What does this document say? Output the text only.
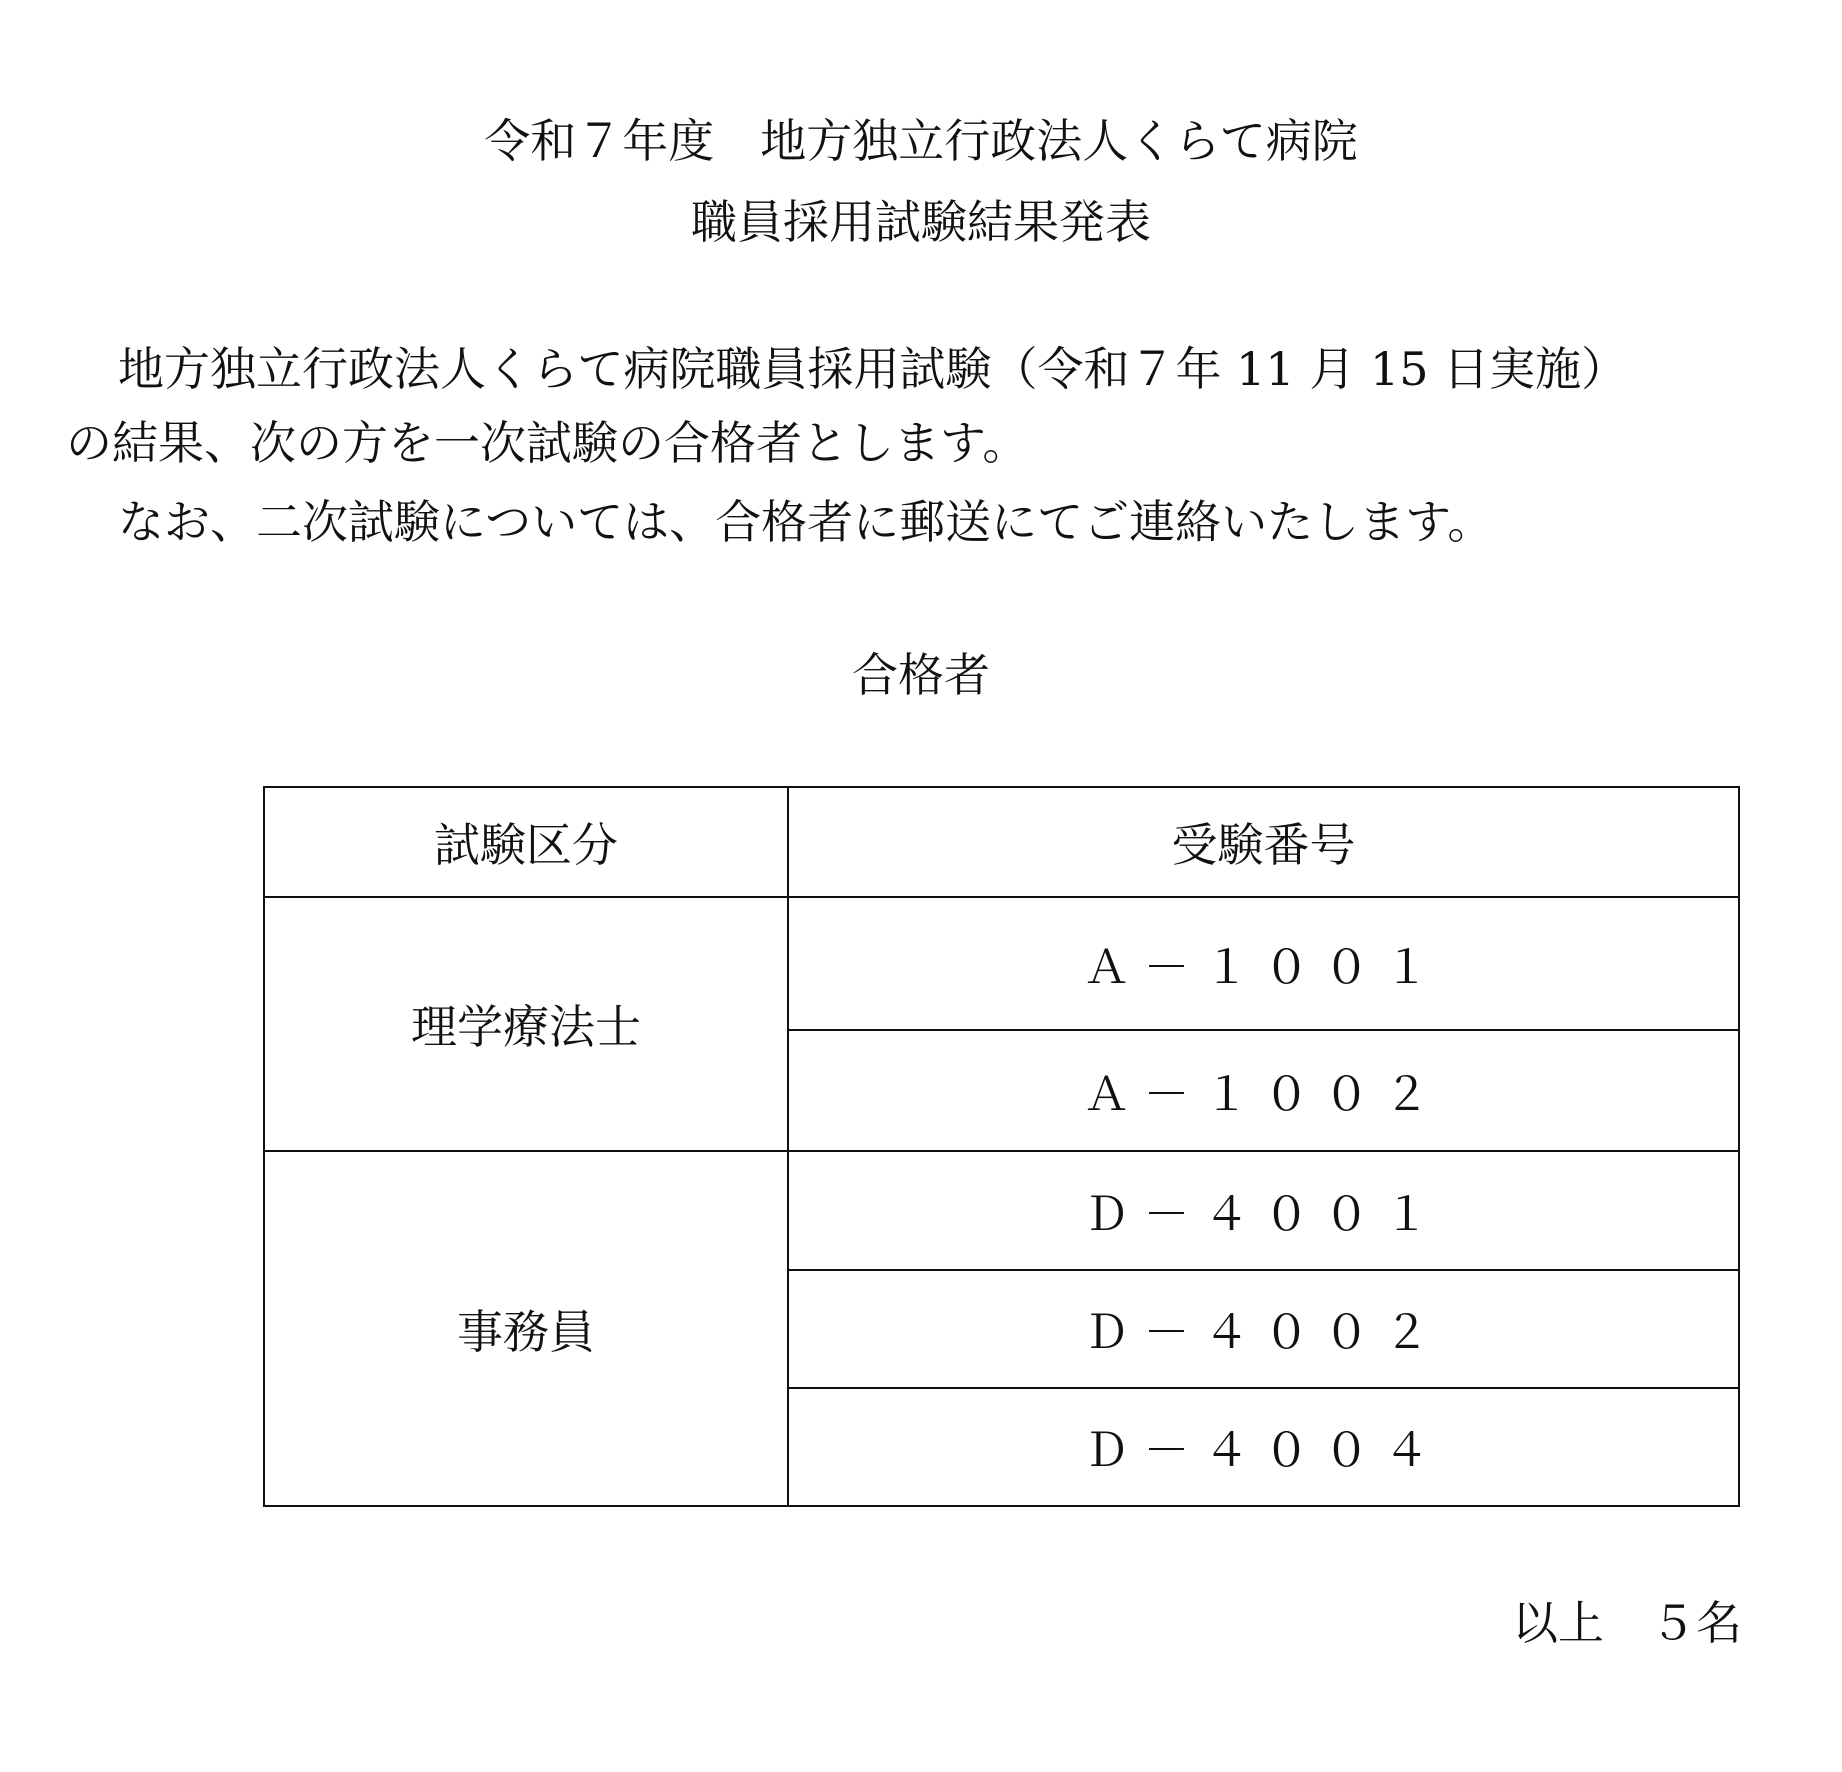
令和７年度　地方独立行政法人くらて病院
職員採用試験結果発表
地方独立行政法人くらて病院職員採用試験（令和７年 11 月 15 日実施）
の結果、次の方を一次試験の合格者とします。
なお、二次試験については、合格者に郵送にてご連絡いたします。
合格者
試験区分	受験番号
理学療法士	Ａ－１００１
	Ａ－１００２
事務員	Ｄ－４００１
	Ｄ－４００２
	Ｄ－４００４
以上　５名
